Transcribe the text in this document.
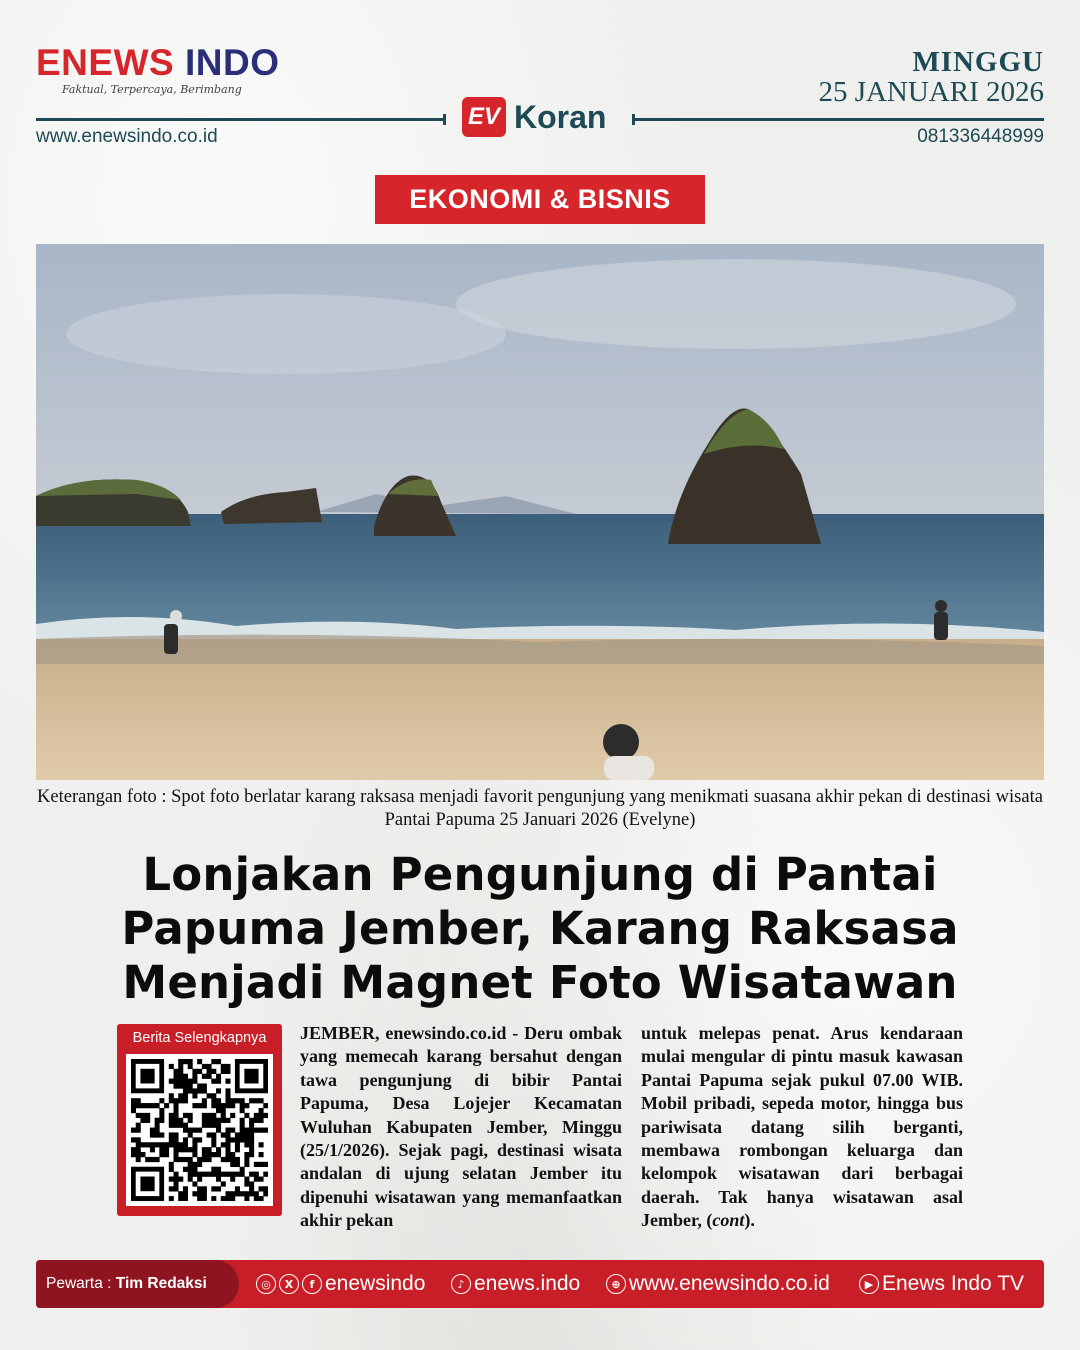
ENEWS INDO
Faktual, Terpercaya, Berimbang
MINGGU
25 JANUARI 2026
EV Koran
www.enewsindo.co.id	081336448999
EKONOMI & BISNIS
Keterangan foto : Spot foto berlatar karang raksasa menjadi favorit pengunjung yang menikmati suasana akhir pekan di destinasi wisata Pantai Papuma 25 Januari 2026 (Evelyne)
Lonjakan Pengunjung di Pantai Papuma Jember, Karang Raksasa Menjadi Magnet Foto Wisatawan
Berita Selengkapnya	JEMBER, enewsindo.co.id - Deru ombak yang memecah karang bersahut dengan tawa pengunjung di bibir Pantai Papuma, Desa Lojejer Kecamatan Wuluhan Kabupaten Jember, Minggu (25/1/2026). Sejak pagi, destinasi wisata andalan di ujung selatan Jember itu dipenuhi wisatawan yang memanfaatkan akhir pekan
untuk melepas penat. Arus kendaraan mulai mengular di pintu masuk kawasan Pantai Papuma sejak pukul 07.00 WIB. Mobil pribadi, sepeda motor, hingga bus pariwisata datang silih berganti, membawa rombongan keluarga dan kelompok wisatawan dari berbagai daerah. Tak hanya wisatawan asal Jember, (cont).
Pewarta :
Tim Redaksi	◎	X	f enewsindo	♪ enews.indo	⊕ www.enewsindo.co.id	▶ Enews Indo TV
